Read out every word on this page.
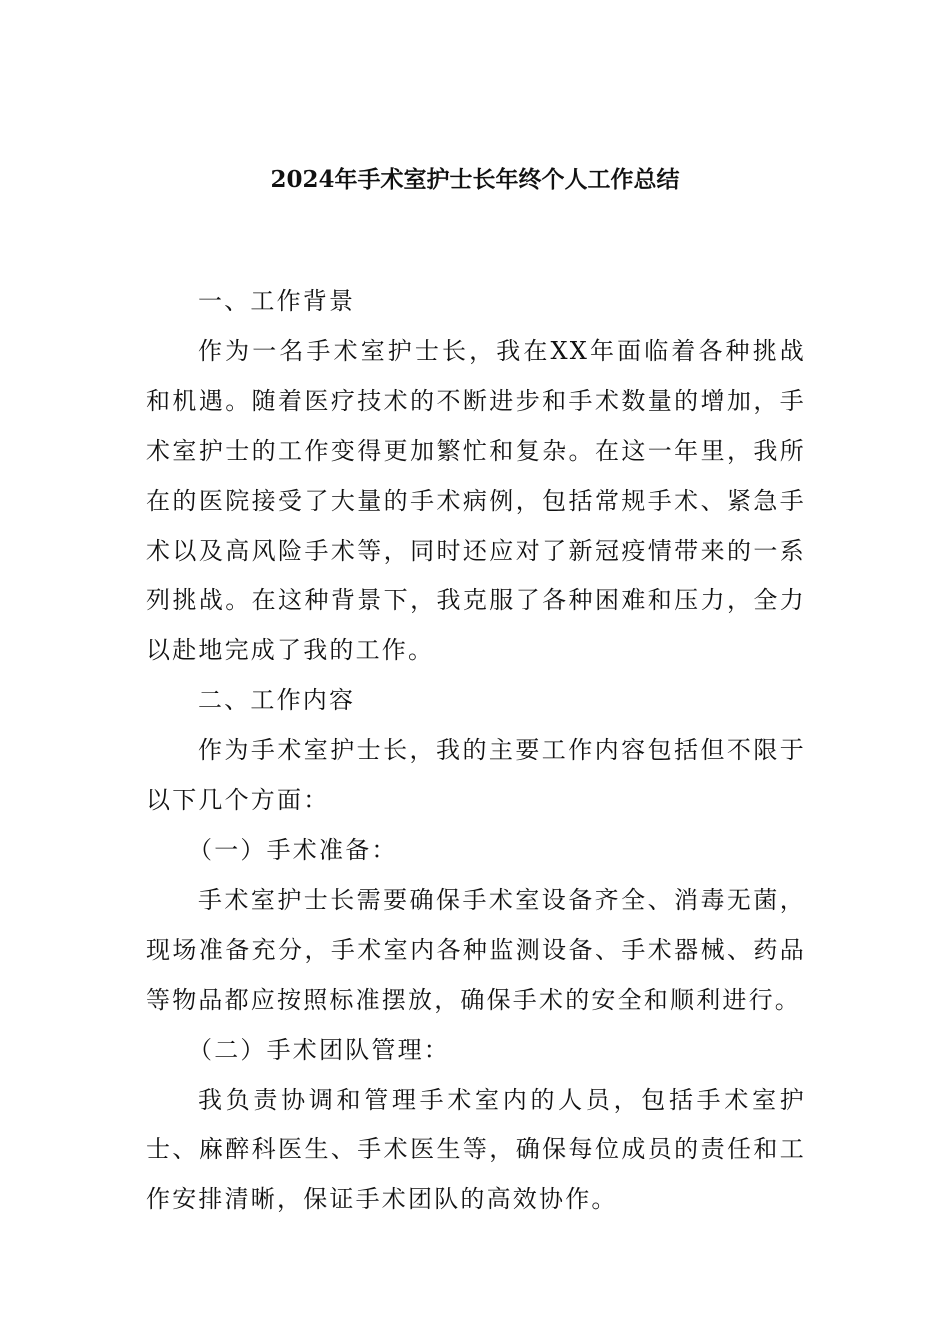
2024年手术室护士长年终个人工作总结

一、工作背景

作为一名手术室护士长，我在XX年面临着各种挑战和机遇。随着医疗技术的不断进步和手术数量的增加，手术室护士的工作变得更加繁忙和复杂。在这一年里，我所在的医院接受了大量的手术病例，包括常规手术、紧急手术以及高风险手术等，同时还应对了新冠疫情带来的一系列挑战。在这种背景下，我克服了各种困难和压力，全力以赴地完成了我的工作。

二、工作内容

作为手术室护士长，我的主要工作内容包括但不限于以下几个方面：

（一）手术准备：

手术室护士长需要确保手术室设备齐全、消毒无菌，现场准备充分，手术室内各种监测设备、手术器械、药品等物品都应按照标准摆放，确保手术的安全和顺利进行。

（二）手术团队管理：

我负责协调和管理手术室内的人员，包括手术室护士、麻醉科医生、手术医生等，确保每位成员的责任和工作安排清晰，保证手术团队的高效协作。
